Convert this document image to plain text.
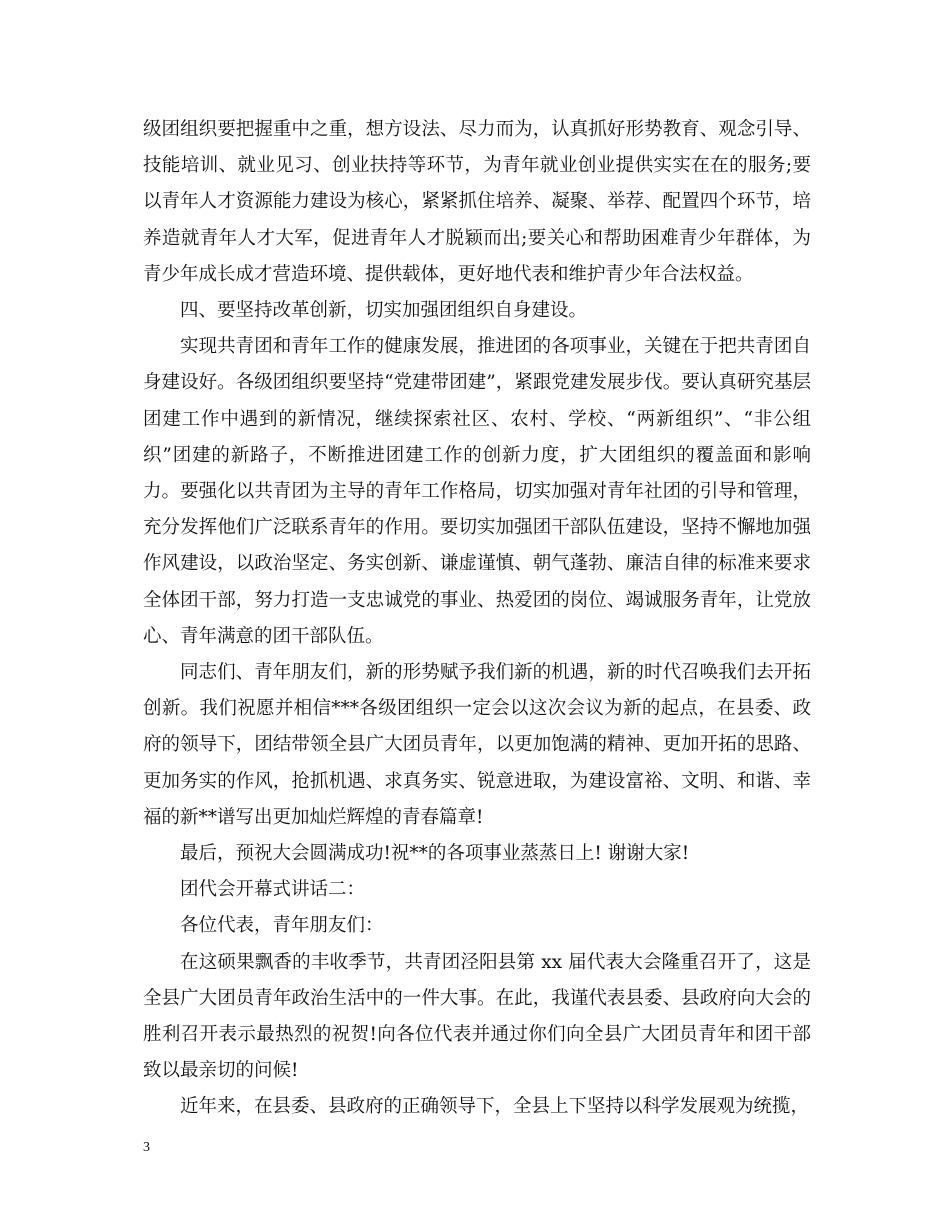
级团组织要把握重中之重，想方设法、尽力而为，认真抓好形势教育、观念引导、技能培训、就业见习、创业扶持等环节，为青年就业创业提供实实在在的服务;要以青年人才资源能力建设为核心，紧紧抓住培养、凝聚、举荐、配置四个环节，培养造就青年人才大军，促进青年人才脱颖而出;要关心和帮助困难青少年群体，为青少年成长成才营造环境、提供载体，更好地代表和维护青少年合法权益。

四、要坚持改革创新，切实加强团组织自身建设。

实现共青团和青年工作的健康发展，推进团的各项事业，关键在于把共青团自身建设好。各级团组织要坚持“党建带团建”，紧跟党建发展步伐。要认真研究基层团建工作中遇到的新情况，继续探索社区、农村、学校、“两新组织”、“非公组织”团建的新路子，不断推进团建工作的创新力度，扩大团组织的覆盖面和影响力。要强化以共青团为主导的青年工作格局，切实加强对青年社团的引导和管理，充分发挥他们广泛联系青年的作用。要切实加强团干部队伍建设，坚持不懈地加强作风建设，以政治坚定、务实创新、谦虚谨慎、朝气蓬勃、廉洁自律的标准来要求全体团干部，努力打造一支忠诚党的事业、热爱团的岗位、竭诚服务青年，让党放心、青年满意的团干部队伍。

同志们、青年朋友们，新的形势赋予我们新的机遇，新的时代召唤我们去开拓创新。我们祝愿并相信***各级团组织一定会以这次会议为新的起点，在县委、政府的领导下，团结带领全县广大团员青年，以更加饱满的精神、更加开拓的思路、更加务实的作风，抢抓机遇、求真务实、锐意进取，为建设富裕、文明、和谐、幸福的新**谱写出更加灿烂辉煌的青春篇章!

最后，预祝大会圆满成功!祝**的各项事业蒸蒸日上! 谢谢大家!

团代会开幕式讲话二：

各位代表，青年朋友们：

在这硕果飘香的丰收季节，共青团泾阳县第 xx 届代表大会隆重召开了，这是全县广大团员青年政治生活中的一件大事。在此，我谨代表县委、县政府向大会的胜利召开表示最热烈的祝贺!向各位代表并通过你们向全县广大团员青年和团干部致以最亲切的问候!

近年来，在县委、县政府的正确领导下，全县上下坚持以科学发展观为统揽，

3
